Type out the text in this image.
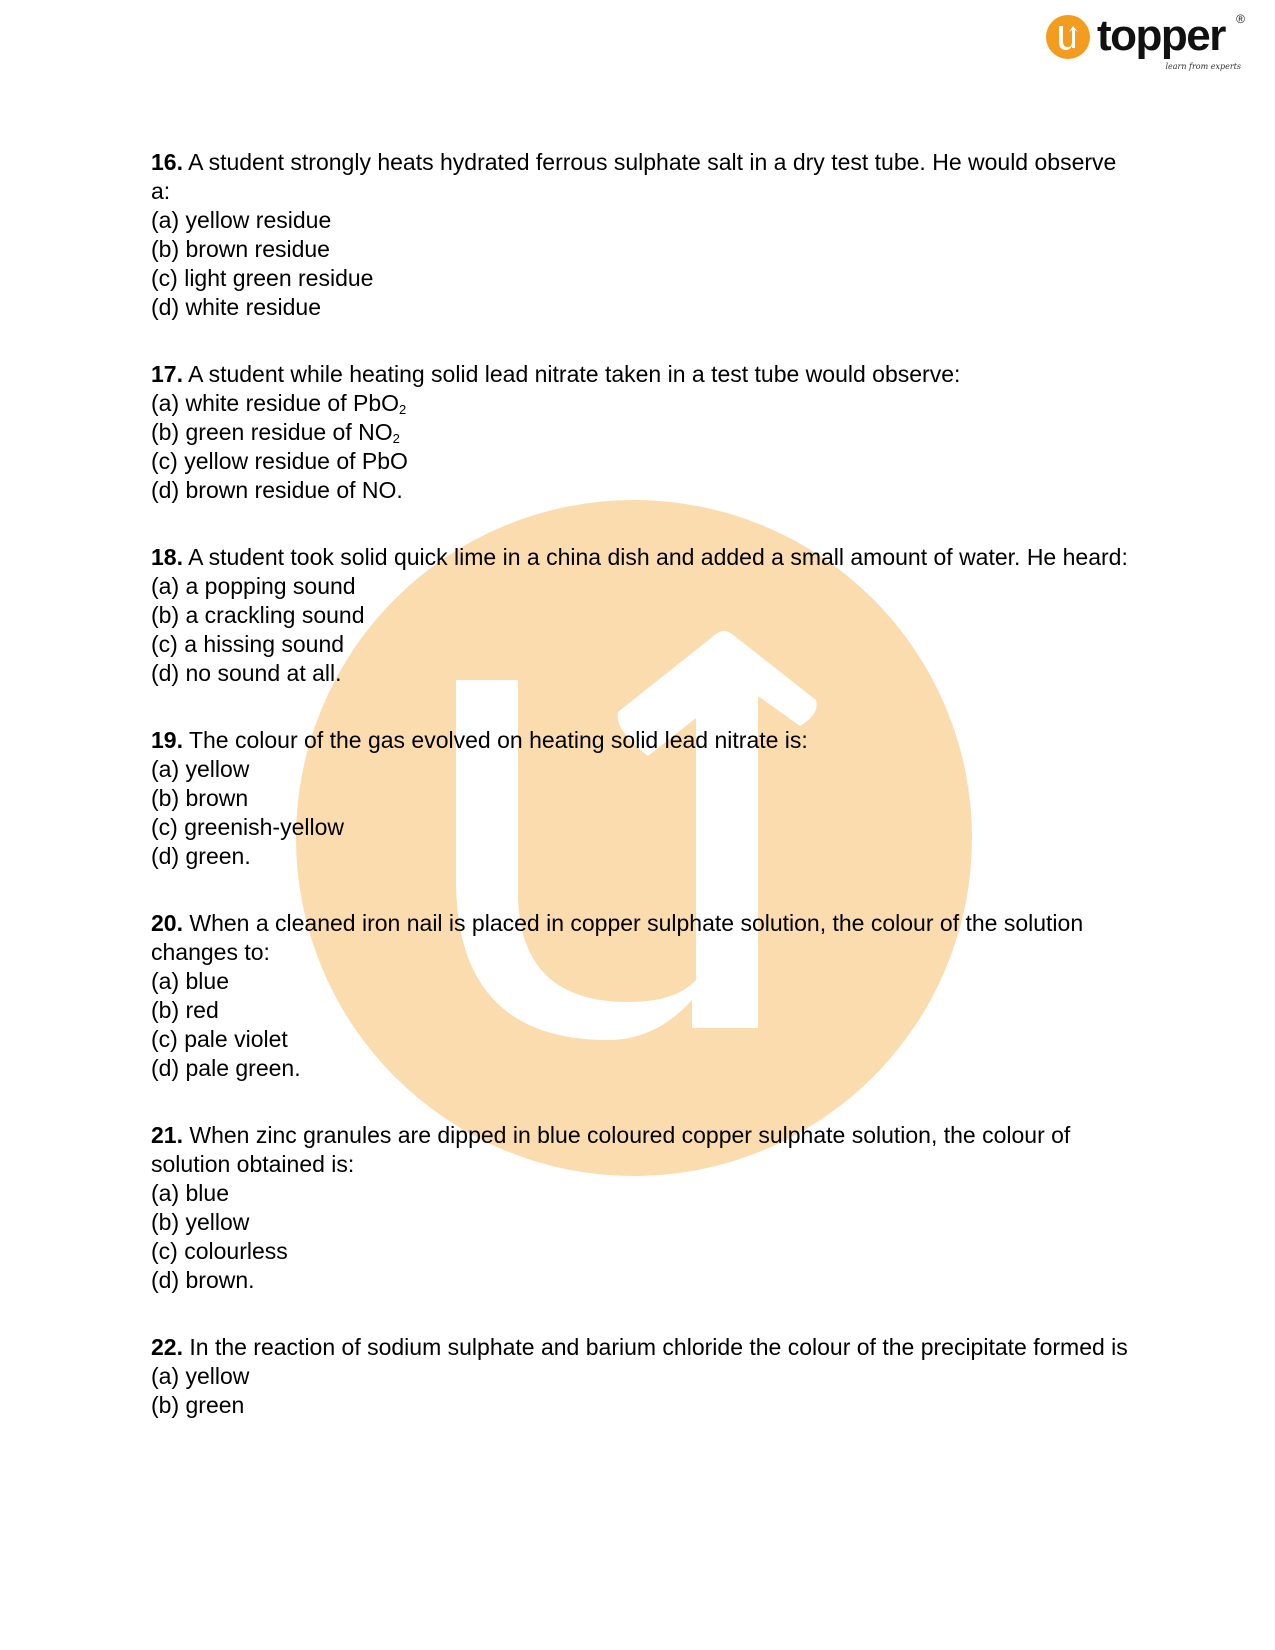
topper ®
learn from experts
16. A student strongly heats hydrated ferrous sulphate salt in a dry test tube. He would observe a:
(a) yellow residue
(b) brown residue
(c) light green residue
(d) white residue
17. A student while heating solid lead nitrate taken in a test tube would observe:
(a) white residue of PbO$_2$
(b) green residue of $NO_2$
(c) yellow residue of PbO
(d) brown residue of NO.
18. A student took solid quick lime in a china dish and added a small amount of water. He heard:
(a) a popping sound
(b) a crackling sound
(c) a hissing sound
(d) no sound at all.
19. The colour of the gas evolved on heating solid lead nitrate is:
(a) yellow
(b) brown
(c) greenish-yellow
(d) green.
20. When a cleaned iron nail is placed in copper sulphate solution, the colour of the solution changes to:
(a) blue
(b) red
(c) pale violet
(d) pale green.
21. When zinc granules are dipped in blue coloured copper sulphate solution, the colour of solution obtained is:
(a) blue
(b) yellow
(c) colourless
(d) brown.
22. In the reaction of sodium sulphate and barium chloride the colour of the precipitate formed is
(a) yellow
(b) green
